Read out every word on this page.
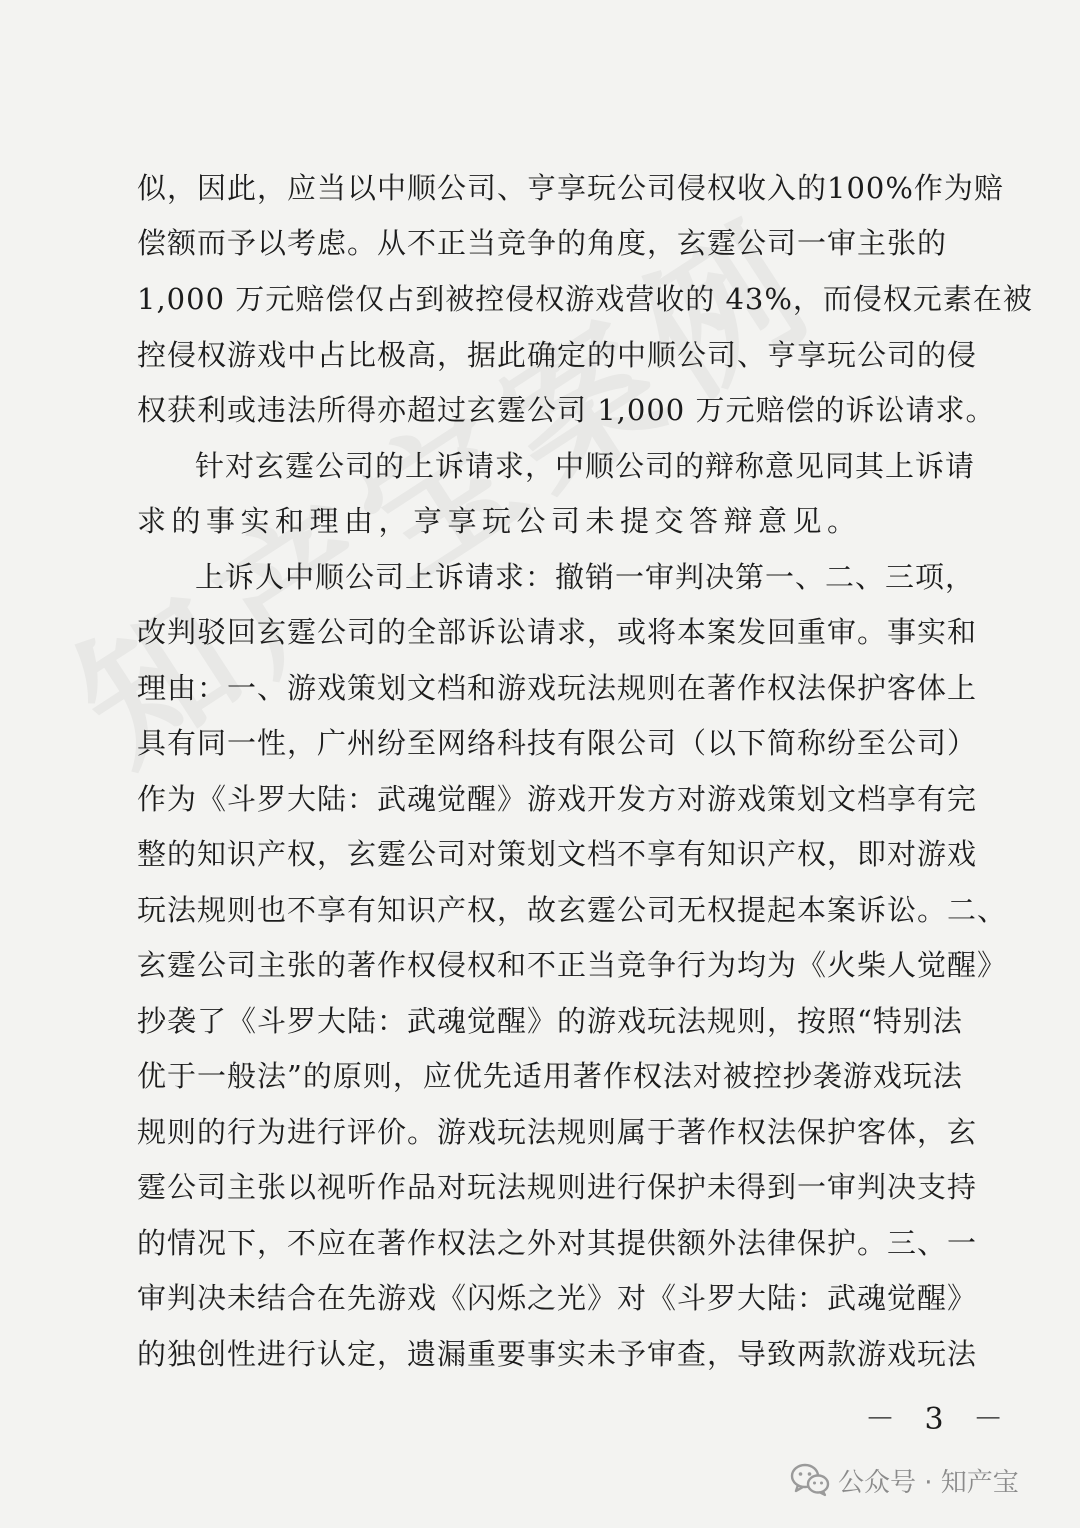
似，因此，应当以中顺公司、亨享玩公司侵权收入的100%作为赔
偿额而予以考虑。从不正当竞争的角度，玄霆公司一审主张的
1,000 万元赔偿仅占到被控侵权游戏营收的 43%，而侵权元素在被
控侵权游戏中占比极高，据此确定的中顺公司、亨享玩公司的侵
权获利或违法所得亦超过玄霆公司 1,000 万元赔偿的诉讼请求。
针对玄霆公司的上诉请求，中顺公司的辩称意见同其上诉请
求的事实和理由，亨享玩公司未提交答辩意见。
上诉人中顺公司上诉请求：撤销一审判决第一、二、三项，
改判驳回玄霆公司的全部诉讼请求，或将本案发回重审。事实和
理由：一、游戏策划文档和游戏玩法规则在著作权法保护客体上
具有同一性，广州纷至网络科技有限公司（以下简称纷至公司）
作为《斗罗大陆：武魂觉醒》游戏开发方对游戏策划文档享有完
整的知识产权，玄霆公司对策划文档不享有知识产权，即对游戏
玩法规则也不享有知识产权，故玄霆公司无权提起本案诉讼。二、
玄霆公司主张的著作权侵权和不正当竞争行为均为《火柴人觉醒》
抄袭了《斗罗大陆：武魂觉醒》的游戏玩法规则，按照“特别法
优于一般法”的原则，应优先适用著作权法对被控抄袭游戏玩法
规则的行为进行评价。游戏玩法规则属于著作权法保护客体，玄
霆公司主张以视听作品对玩法规则进行保护未得到一审判决支持
的情况下，不应在著作权法之外对其提供额外法律保护。三、一
审判决未结合在先游戏《闪烁之光》对《斗罗大陆：武魂觉醒》
的独创性进行认定，遗漏重要事实未予审查，导致两款游戏玩法
－ 3 －
公众号 · 知产宝
